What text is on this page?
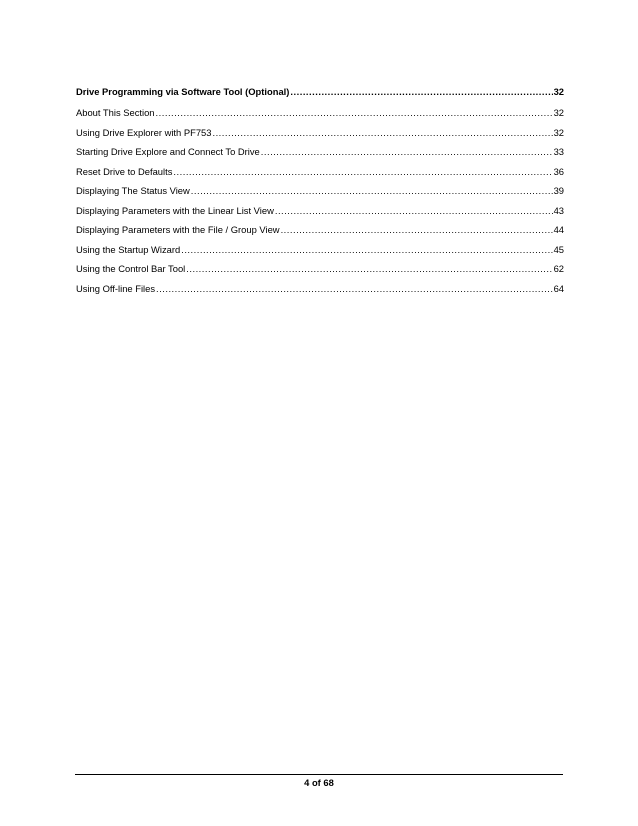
Drive Programming via Software Tool (Optional) .....	32
About This Section .....	32
Using Drive Explorer with PF753 .....	32
Starting Drive Explore and Connect To Drive .....	33
Reset Drive to Defaults .....	36
Displaying The Status View .....	39
Displaying Parameters with the Linear List View .....	43
Displaying Parameters with the File / Group View .....	44
Using the Startup Wizard .....	45
Using the Control Bar Tool .....	62
Using Off-line Files .....	64
4 of 68
